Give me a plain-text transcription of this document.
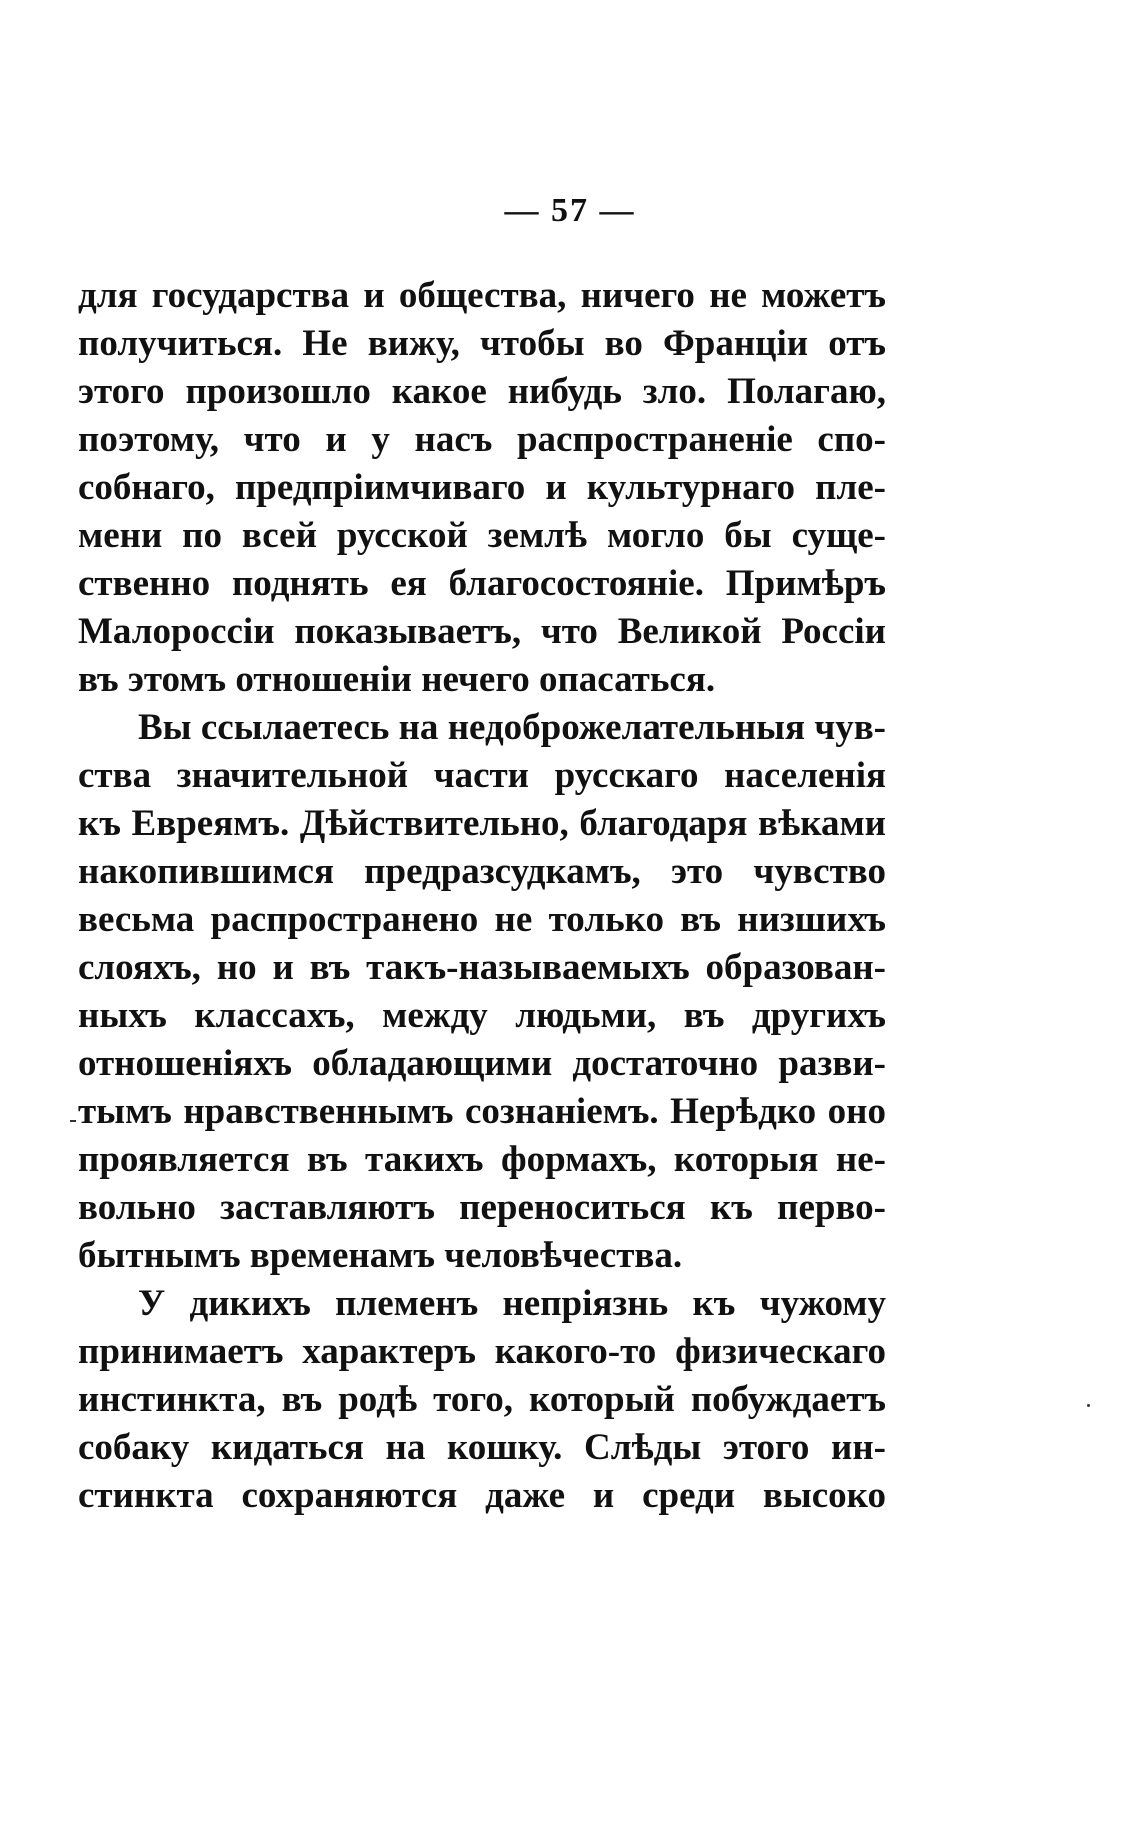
— 57 —
для государства и общества, ничего не можетъ
получиться. Не вижу, чтобы во Франціи отъ
этого произошло какое нибудь зло. Полагаю,
поэтому, что и у насъ распространеніе спо-
собнаго, предпріимчиваго и культурнаго пле-
мени по всей русской землѣ могло бы суще-
ственно поднять ея благосостояніе. Примѣръ
Малороссіи показываетъ, что Великой Россіи
въ этомъ отношеніи нечего опасаться.
Вы ссылаетесь на недоброжелательныя чув-
ства значительной части русскаго населенія
къ Евреямъ. Дѣйствительно, благодаря вѣками
накопившимся предразсудкамъ, это чувство
весьма распространено не только въ низшихъ
слояхъ, но и въ такъ-называемыхъ образован-
ныхъ классахъ, между людьми, въ другихъ
отношеніяхъ обладающими достаточно разви-
тымъ нравственнымъ сознаніемъ. Нерѣдко оно
проявляется въ такихъ формахъ, которыя не-
вольно заставляютъ переноситься къ перво-
бытнымъ временамъ человѣчества.
У дикихъ племенъ непріязнь къ чужому
принимаетъ характеръ какого-то физическаго
инстинкта, въ родѣ того, который побуждаетъ
собаку кидаться на кошку. Слѣды этого ин-
стинкта сохраняются даже и среди высоко
